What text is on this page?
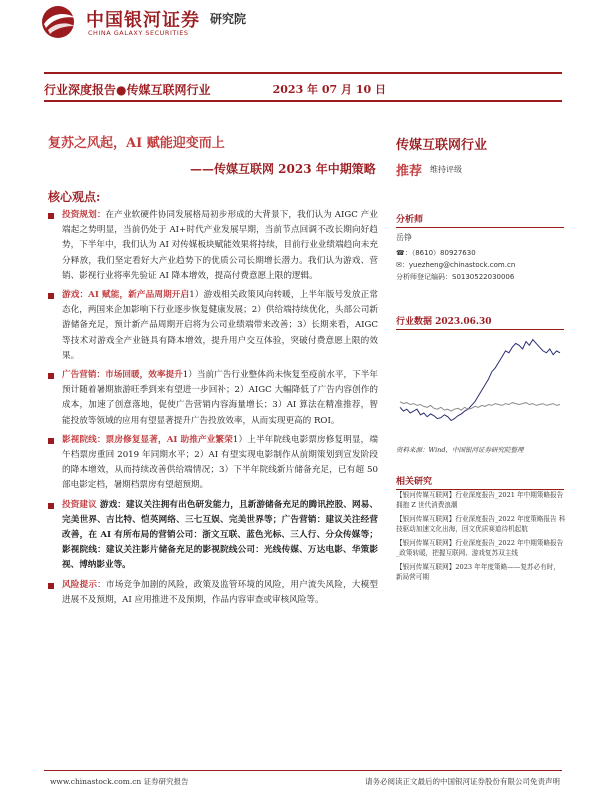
中国银河证券
CHINA GALAXY SECURITIES
研究院
行业深度报告●传媒互联网行业	2023 年 07 月 10 日
复苏之风起，AI 赋能迎变而上
——传媒互联网 2023 年中期策略
核心观点:
投资规划：在产业软硬件协同发展格局初步形成的大背景下，我们认为 AIGC 产业端起之势明显，当前仍处于 AI+时代产业发展早期，当前节点回调不改长期向好趋势，下半年中，我们认为 AI 对传媒板块赋能效果将持续，目前行业业绩端趋向未充分释放，我们坚定看好大产业趋势下的优质公司长期增长潜力。我们认为游戏、营销、影视行业将率先验证 AI 降本增效，提高付费意愿上限的逻辑。
游戏：AI 赋能，新产品周期开启1）游戏相关政策风向转暖，上半年版号发放正常态化，两国来企加影响下行业逐步恢复健康发展；2）供给端持续优化，头部公司新游储备充足，预计新产品周期开启将为公司业绩端带来改善；3）长期来看，AIGC 等技术对游戏全产业链具有降本增效，提升用户交互体验，突破付费意愿上限的效果。
广告营销：市场回暖，效率提升1）当前广告行业整体尚未恢复至疫前水平，下半年预计随着暑期旅游旺季到来有望进一步回补；2）AIGC 大幅降低了广告内容创作的成本，加速了创意落地，促使广告营销内容海量增长；3）AI 算法在精准推荐，智能投放等领域的应用有望显著提升广告投放效率，从而实现更高的 ROI。
影视院线：票房修复显著，AI 助推产业繁荣1）上半年院线电影票房修复明显，端午档票房重回 2019 年同期水平；2）AI 有望实现电影制作从前期策划到宣发阶段的降本增效，从而持续改善供给端情况；3）下半年院线新片储备充足，已有超 50 部电影定档，暑期档票房有望超预期。
投资建议 游戏：建议关注拥有出色研发能力，且新游储备充足的腾讯控股、网易、完美世界、吉比特、恺英网络、三七互娱、完美世界等；广告营销：建议关注经营改善，在 AI 有所布局的营销公司：浙文互联、蓝色光标、三人行、分众传媒等；影视院线：建议关注影片储备充足的影视院线公司：光线传媒、万达电影、华策影视、博纳影业等。
风险提示：市场竞争加剧的风险，政策及监管环境的风险，用户流失风险，大模型进展不及预期，AI 应用推进不及预期，作品内容审查或审核风险等。
传媒互联网行业
推荐 维持评级
分析师
岳铮
☎：（8610）80927630
✉：yuezheng@chinastock.com.cn
分析师登记编码：S0130522030006
行业数据 2023.06.30
资料来源：Wind，中国银河证券研究院整理
相关研究
【银河传媒互联网】行业深度报告_2021 年中期策略报告 拥抱 Z 世代消费浪潮
【银河传媒互联网】行业深度报告_2022 年度策略报告 科技驱动加速文化出海，回文优质赛道待机起航
【银河传媒互联网】行业深度报告_2022 年中期策略报告_政策转暖，把握互联网、游戏复苏双主线
【银河传媒互联网】2023 年年度策略——复苏必有时，新局营可期
www.chinastock.com.cn 证券研究报告	请务必阅读正文最后的中国银河证券股份有限公司免责声明
